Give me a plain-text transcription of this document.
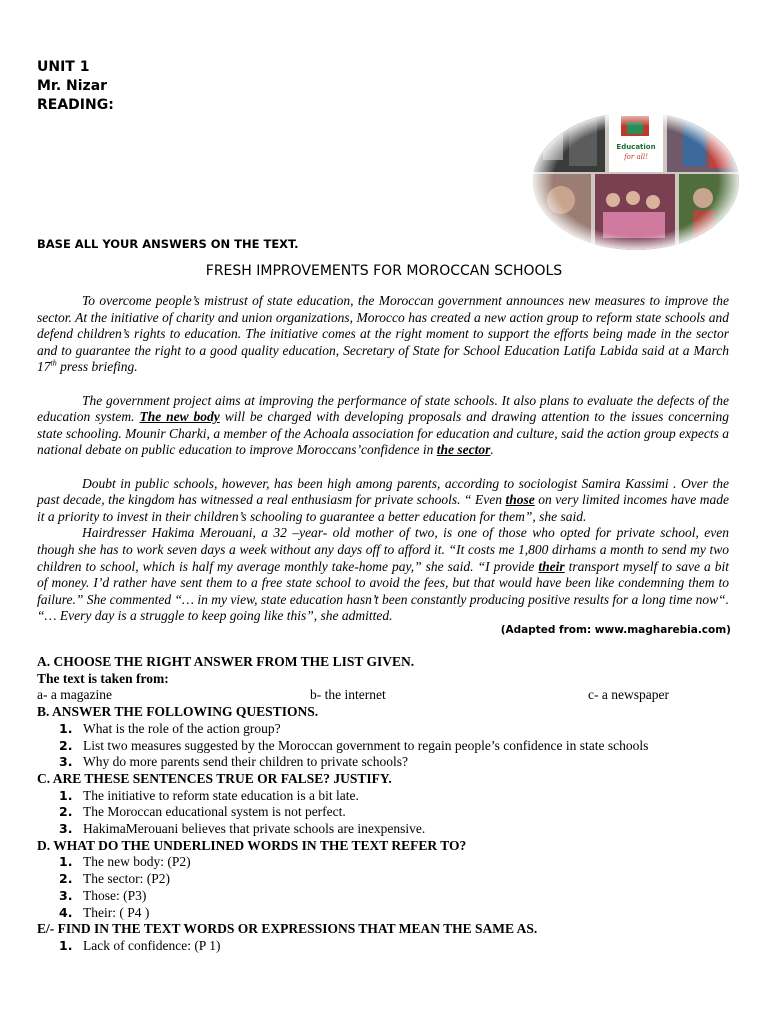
UNIT 1
Mr. Nizar
READING:
BASE ALL YOUR ANSWERS ON THE TEXT.
FRESH IMPROVEMENTS FOR MOROCCAN SCHOOLS

To overcome people’s mistrust of state education, the Moroccan government announces new measures to improve the sector. At the initiative of charity and union organizations, Morocco has created a new action group to reform state schools and defend children’s rights to education. The initiative comes at the right moment to support the efforts being made in the sector and to guarantee the right to a good quality education, Secretary of State for School Education Latifa Labida said at a March 17th press briefing.

The government project aims at improving the performance of state schools. It also plans to evaluate the defects of the education system. The new body will be charged with developing proposals and drawing attention to the issues concerning state schooling. Mounir Charki, a member of the Achoala association for education and culture, said the action group expects a national debate on public education to improve Moroccans’confidence in the sector.

Doubt in public schools, however, has been high among parents, according to sociologist Samira Kassimi . Over the past decade, the kingdom has witnessed a real enthusiasm for private schools. “ Even those on very limited incomes have made it a priority to invest in their children’s schooling to guarantee a better education for them”, she said.

Hairdresser Hakima Merouani, a 32 –year- old mother of two, is one of those who opted for private school, even though she has to work seven days a week without any days off to afford it. “It costs me 1,800 dirhams a month to send my two children to school, which is half my average monthly take-home pay,” she said. “I provide their transport myself to save a bit of money. I’d rather have sent them to a free state school to avoid the fees, but that would have been like condemning them to failure.” She commented “… in my view, state education hasn’t been constantly producing positive results for a long time now“. “… Every day is a struggle to keep going like this”, she admitted.

(Adapted from: www.magharebia.com)
A. CHOOSE THE RIGHT ANSWER FROM THE LIST GIVEN.
The text is taken from:
a- a magazine	b- the internet	c- a newspaper
B. ANSWER THE FOLLOWING QUESTIONS.
1. What is the role of the action group?
2. List two measures suggested by the Moroccan government to regain people’s confidence in state schools
3. Why do more parents send their children to private schools?
C. ARE THESE SENTENCES TRUE OR FALSE? JUSTIFY.
1. The initiative to reform state education is a bit late.
2. The Moroccan educational system is not perfect.
3. HakimaMerouani believes that private schools are inexpensive.
D. WHAT DO THE UNDERLINED WORDS IN THE TEXT REFER TO?
1. The new body: (P2)
2. The sector: (P2)
3. Those: (P3)
4. Their: ( P4 )
E/- FIND IN THE TEXT WORDS OR EXPRESSIONS THAT MEAN THE SAME AS.
1. Lack of confidence: (P 1)
